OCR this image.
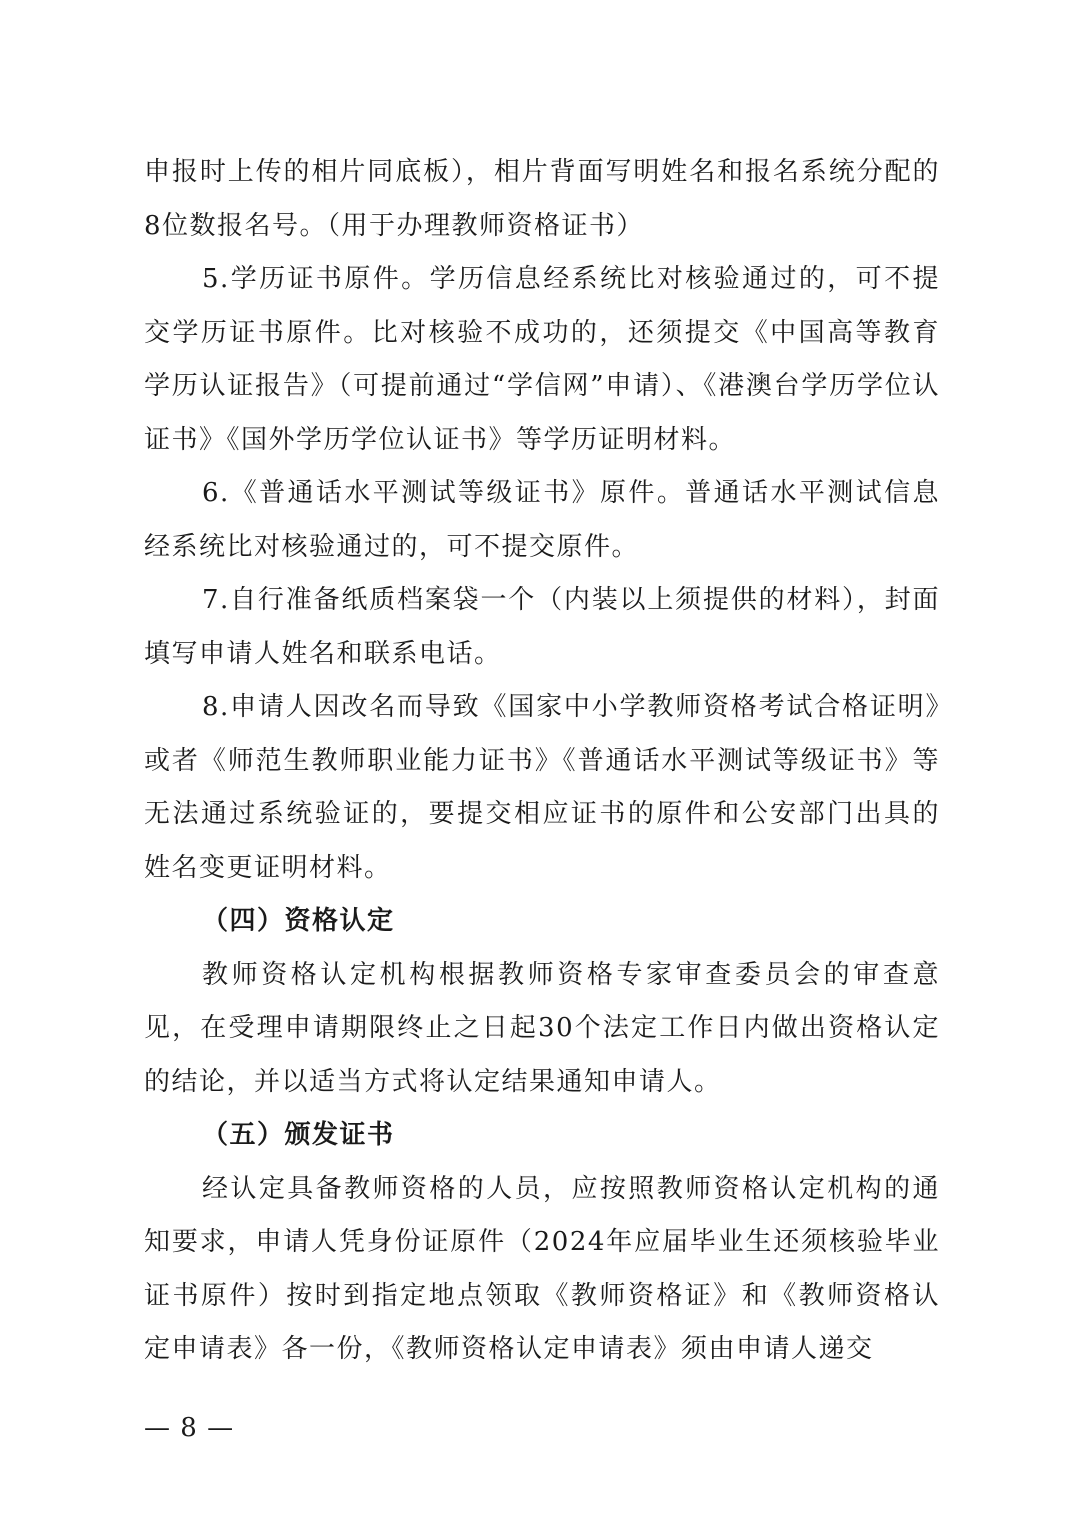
申报时上传的相片同底板），相片背面写明姓名和报名系统分配的8位数报名号。（用于办理教师资格证书）

5.学历证书原件。学历信息经系统比对核验通过的，可不提交学历证书原件。比对核验不成功的，还须提交《中国高等教育学历认证报告》（可提前通过“学信网”申请）、《港澳台学历学位认证书》《国外学历学位认证书》等学历证明材料。

6.《普通话水平测试等级证书》原件。普通话水平测试信息经系统比对核验通过的，可不提交原件。

7.自行准备纸质档案袋一个（内装以上须提供的材料），封面填写申请人姓名和联系电话。

8.申请人因改名而导致《国家中小学教师资格考试合格证明》或者《师范生教师职业能力证书》《普通话水平测试等级证书》等无法通过系统验证的，要提交相应证书的原件和公安部门出具的姓名变更证明材料。

（四）资格认定

教师资格认定机构根据教师资格专家审查委员会的审查意见，在受理申请期限终止之日起30个法定工作日内做出资格认定的结论，并以适当方式将认定结果通知申请人。

（五）颁发证书

经认定具备教师资格的人员，应按照教师资格认定机构的通知要求，申请人凭身份证原件（2024年应届毕业生还须核验毕业证书原件）按时到指定地点领取《教师资格证》和《教师资格认定申请表》各一份，《教师资格认定申请表》须由申请人递交

— 8 —
